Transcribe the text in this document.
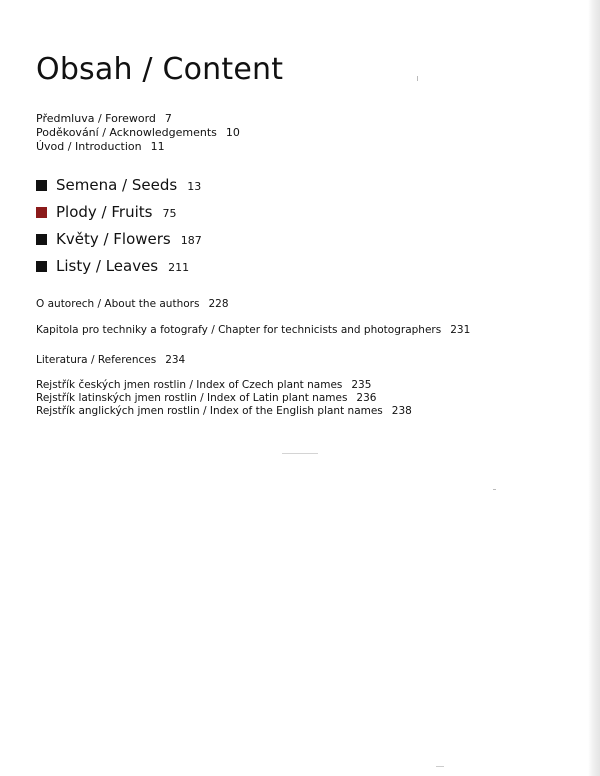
Obsah / Content
Předmluva / Foreword 7
Poděkování / Acknowledgements 10
Úvod / Introduction 11
Semena / Seeds 13
Plody / Fruits 75
Květy / Flowers 187
Listy / Leaves 211
O autorech / About the authors 228
Kapitola pro techniky a fotografy / Chapter for technicists and photographers 231
Literatura / References 234
Rejstřík českých jmen rostlin / Index of Czech plant names 235
Rejstřík latinských jmen rostlin / Index of Latin plant names 236
Rejstřík anglických jmen rostlin / Index of the English plant names 238
